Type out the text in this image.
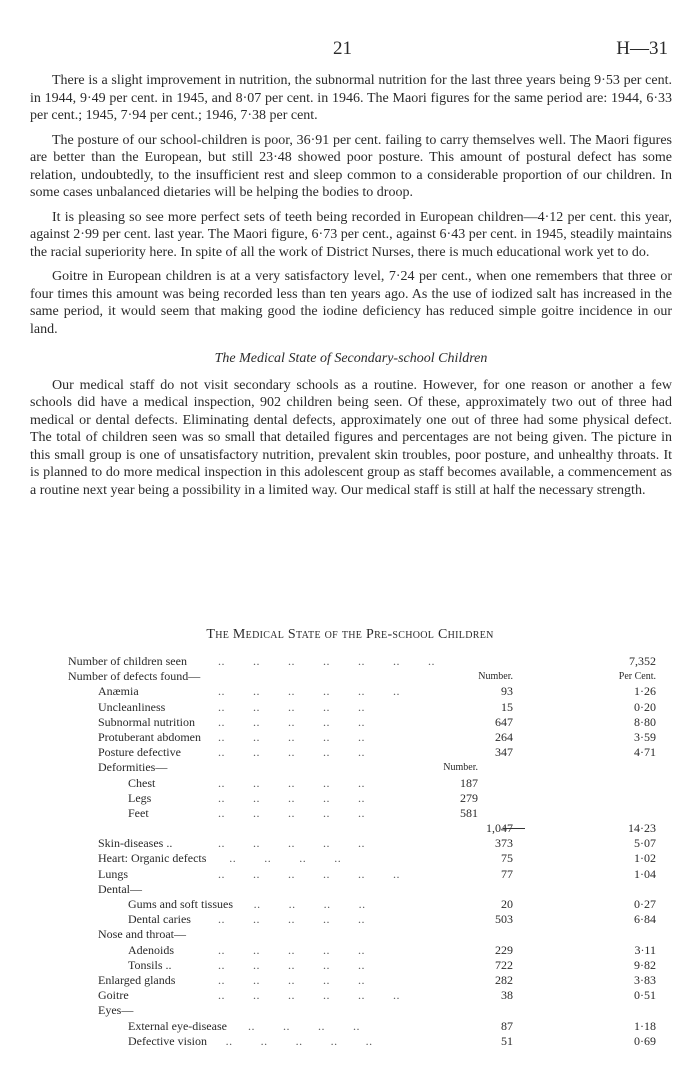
21	H—31

There is a slight improvement in nutrition, the subnormal nutrition for the last three years being 9·53 per cent. in 1944, 9·49 per cent. in 1945, and 8·07 per cent. in 1946. The Maori figures for the same period are: 1944, 6·33 per cent.; 1945, 7·94 per cent.; 1946, 7·38 per cent.

The posture of our school-children is poor, 36·91 per cent. failing to carry themselves well. The Maori figures are better than the European, but still 23·48 showed poor posture. This amount of postural defect has some relation, undoubtedly, to the insufficient rest and sleep common to a considerable proportion of our children. In some cases unbalanced dietaries will be helping the bodies to droop.

It is pleasing so see more perfect sets of teeth being recorded in European children—4·12 per cent. this year, against 2·99 per cent. last year. The Maori figure, 6·73 per cent., against 6·43 per cent. in 1945, steadily maintains the racial superiority here. In spite of all the work of District Nurses, there is much educational work yet to do.

Goitre in European children is at a very satisfactory level, 7·24 per cent., when one remembers that three or four times this amount was being recorded less than ten years ago. As the use of iodized salt has increased in the same period, it would seem that making good the iodine deficiency has reduced simple goitre incidence in our land.

The Medical State of Secondary-school Children

Our medical staff do not visit secondary schools as a routine. However, for one reason or another a few schools did have a medical inspection, 902 children being seen. Of these, approximately two out of three had medical or dental defects. Eliminating dental defects, approximately one out of three had some physical defect. The total of children seen was so small that detailed figures and percentages are not being given. The picture in this small group is one of unsatisfactory nutrition, prevalent skin troubles, poor posture, and unhealthy throats. It is planned to do more medical inspection in this adolescent group as staff becomes available, a commencement as a routine next year being a possibility in a limited way. Our medical staff is still at half the necessary strength.

The Medical State of the Pre-school Children
Number of children seen	..        ..        ..        ..        ..        ..        ..	7,352
Number of defects found—	Number.	Per Cent.
Anæmia	..        ..        ..        ..        ..        ..	93	1·26
Uncleanliness	..        ..        ..        ..        ..	15	0·20
Subnormal nutrition ..        ..        ..        ..        ..	647	8·80
Protuberant abdomen ..        ..        ..        ..        ..	264	3·59
Posture defective	..        ..        ..        ..        ..	347	4·71
Deformities—	Number.
Chest	..        ..        ..        ..        ..	187
Legs	..        ..        ..        ..        ..	279
Feet	..        ..        ..        ..        ..	581
1,047	14·23
Skin-diseases ..	..        ..        ..        ..        ..	373	5·07
Heart: Organic defects ..        ..        ..        ..	75	1·02
Lungs	..        ..        ..        ..        ..        ..	77	1·04
Dental—
Gums and soft tissues ..        ..        ..        ..	20	0·27
Dental caries ..        ..        ..        ..        ..	503	6·84
Nose and throat—
Adenoids	..        ..        ..        ..        ..	229	3·11
Tonsils ..	..        ..        ..        ..        ..	722	9·82
Enlarged glands	..        ..        ..        ..        ..	282	3·83
Goitre	..        ..        ..        ..        ..        ..	38	0·51
Eyes—
External eye-disease ..        ..        ..        ..	87	1·18
Defective vision ..        ..        ..        ..        ..	51	0·69
